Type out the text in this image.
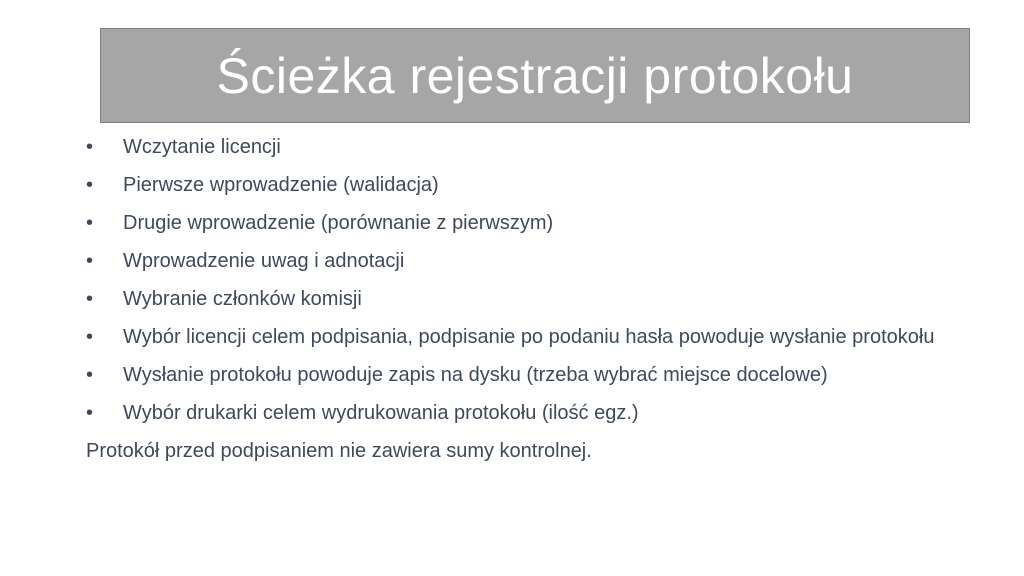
Ścieżka rejestracji protokołu
•	Wczytanie licencji
•	Pierwsze wprowadzenie (walidacja)
•	Drugie wprowadzenie (porównanie z pierwszym)
•	Wprowadzenie uwag i adnotacji
•	Wybranie członków komisji
•	Wybór licencji celem podpisania, podpisanie po podaniu hasła powoduje wysłanie protokołu
•	Wysłanie protokołu powoduje zapis na dysku (trzeba wybrać miejsce docelowe)
•	Wybór drukarki celem wydrukowania protokołu (ilość egz.)

Protokół przed podpisaniem nie zawiera sumy kontrolnej.
